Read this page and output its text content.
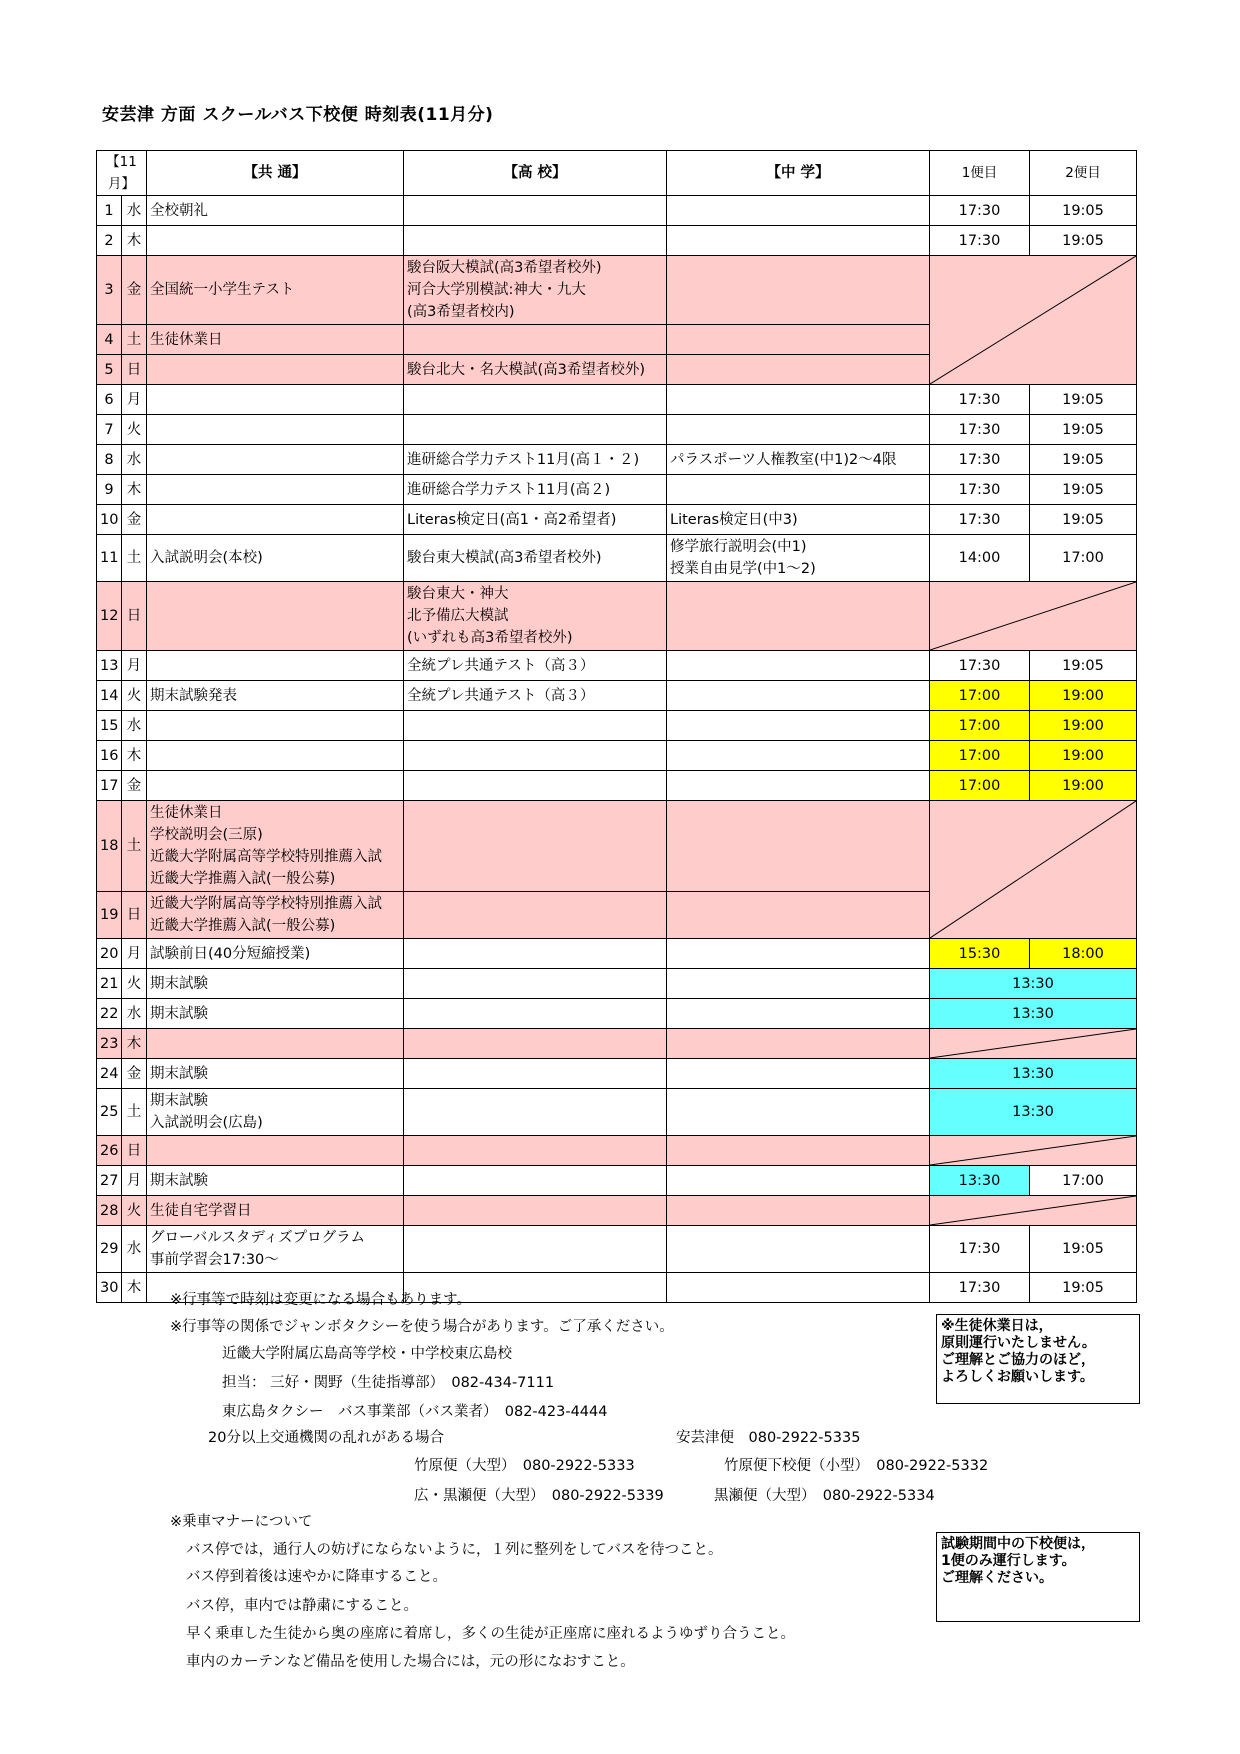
安芸津 方面 スクールバス下校便 時刻表(11月分)
【11月】		【共 通】	【高 校】	【中 学】	1便目	2便目
1	水	全校朝礼			17:30	19:05
2	木				17:30	19:05
3	金	全国統一小学生テスト	駿台阪大模試(高3希望者校外)
河合大学別模試:神大・九大
(高3希望者校内)

4	土	生徒休業日				

5	日		駿台北大・名大模試(高3希望者校外)			

6	月				17:30	19:05
7	火				17:30	19:05
8	水		進研総合学力テスト11月(高１・２)	パラスポーツ人権教室(中1)2～4限	17:30	19:05
9	木		進研総合学力テスト11月(高２)		17:30	19:05
10	金		Literas検定日(高1・高2希望者)	Literas検定日(中3)	17:30	19:05
11	土	入試説明会(本校)	駿台東大模試(高3希望者校外)	修学旅行説明会(中1)
授業自由見学(中1～2)	14:00	17:00
12	日		駿台東大・神大
北予備広大模試
(いずれも高3希望者校外)

13	月		全統プレ共通テスト（高３）		17:30	19:05
14	火	期末試験発表	全統プレ共通テスト（高３）		17:00	19:00
15	水				17:00	19:00
16	木				17:00	19:00
17	金				17:00	19:00
18	土	生徒休業日
学校説明会(三原)
近畿大学附属高等学校特別推薦入試
近畿大学推薦入試(一般公募)

19	日	近畿大学附属高等学校特別推薦入試
近畿大学推薦入試(一般公募)				

20	月	試験前日(40分短縮授業)			15:30	18:00
21	火	期末試験			13:30	
22	水	期末試験			13:30	
23	木				

24	金	期末試験			13:30	
25	土	期末試験
入試説明会(広島)			13:30	
26	日				

27	月	期末試験			13:30	17:00
28	火	生徒自宅学習日

29	水	グローバルスタディズプログラム
事前学習会17:30～			17:30	19:05
30	木				17:30	19:05
※行事等で時刻は変更になる場合もあります。
※行事等の関係でジャンボタクシーを使う場合があります。ご了承ください。
近畿大学附属広島高等学校・中学校東広島校
担当： 三好・関野（生徒指導部）　082-434-7111
東広島タクシー　バス事業部（バス業者）　082-423-4444
20分以上交通機関の乱れがある場合	安芸津便　080-2922-5335
竹原便（大型）　080-2922-5333	竹原便下校便（小型）　080-2922-5332
広・黒瀬便（大型）　080-2922-5339	黒瀬便（大型）　080-2922-5334
※乗車マナーについて
バス停では，通行人の妨げにならないように，１列に整列をしてバスを待つこと。
バス停到着後は速やかに降車すること。
バス停，車内では静粛にすること。
早く乗車した生徒から奥の座席に着席し，多くの生徒が正座席に座れるようゆずり合うこと。
車内のカーテンなど備品を使用した場合には，元の形になおすこと。
※生徒休業日は，
原則運行いたしません。
ご理解とご協力のほど，
よろしくお願いします。
試験期間中の下校便は，
1便のみ運行します。
ご理解ください。
